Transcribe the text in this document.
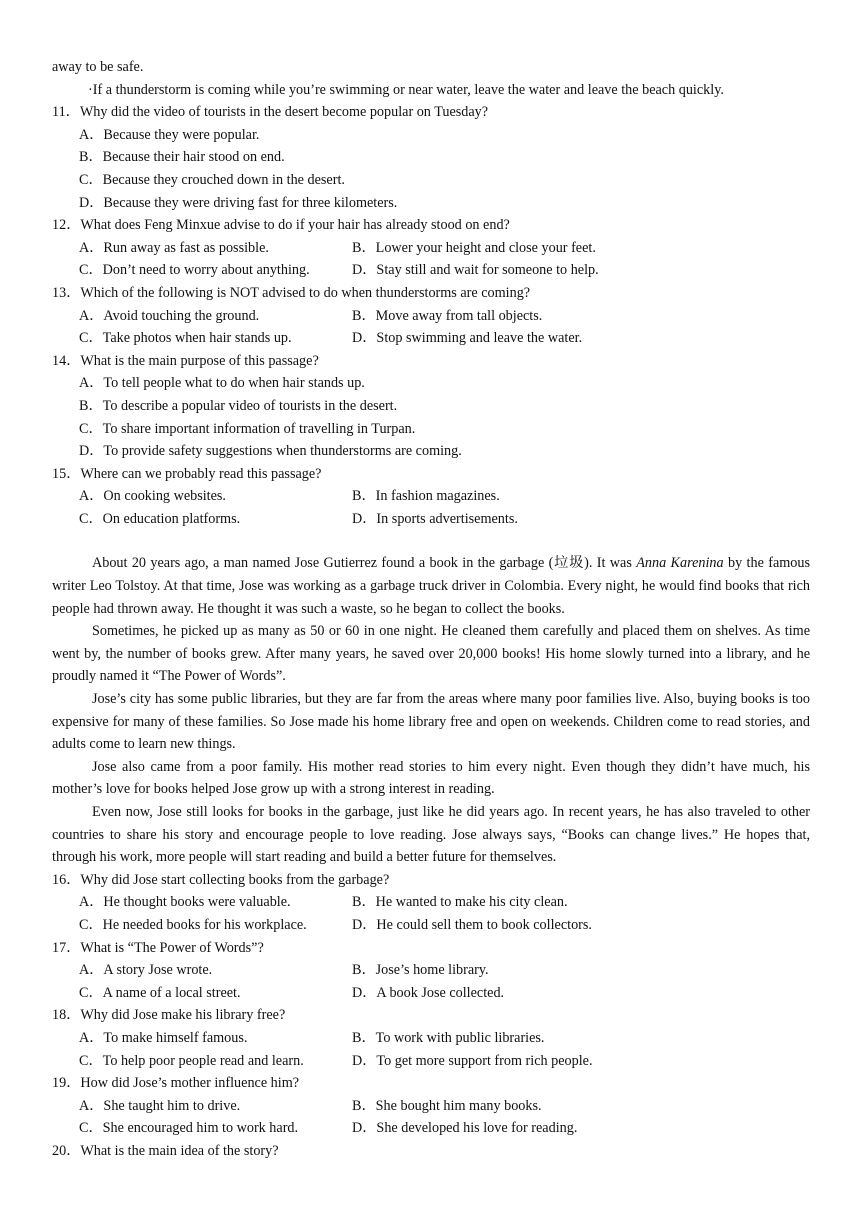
away to be safe.
·If a thunderstorm is coming while you’re swimming or near water, leave the water and leave the beach quickly.
11．Why did the video of tourists in the desert become popular on Tuesday?
A．Because they were popular.
B．Because their hair stood on end.
C．Because they crouched down in the desert.
D．Because they were driving fast for three kilometers.
12．What does Feng Minxue advise to do if your hair has already stood on end?
A．Run away as fast as possible.	B．Lower your height and close your feet.
C．Don’t need to worry about anything.	D．Stay still and wait for someone to help.
13．Which of the following is NOT advised to do when thunderstorms are coming?
A．Avoid touching the ground.	B．Move away from tall objects.
C．Take photos when hair stands up.	D．Stop swimming and leave the water.
14．What is the main purpose of this passage?
A．To tell people what to do when hair stands up.
B．To describe a popular video of tourists in the desert.
C．To share important information of travelling in Turpan.
D．To provide safety suggestions when thunderstorms are coming.
15．Where can we probably read this passage?
A．On cooking websites.	B．In fashion magazines.
C．On education platforms.	D．In sports advertisements.

About 20 years ago, a man named Jose Gutierrez found a book in the garbage (垃圾). It was Anna Karenina by the famous writer Leo Tolstoy. At that time, Jose was working as a garbage truck driver in Colombia. Every night, he would find books that rich people had thrown away. He thought it was such a waste, so he began to collect the books.

Sometimes, he picked up as many as 50 or 60 in one night. He cleaned them carefully and placed them on shelves. As time went by, the number of books grew. After many years, he saved over 20,000 books! His home slowly turned into a library, and he proudly named it “The Power of Words”.

Jose’s city has some public libraries, but they are far from the areas where many poor families live. Also, buying books is too expensive for many of these families. So Jose made his home library free and open on weekends. Children come to read stories, and adults come to learn new things.

Jose also came from a poor family. His mother read stories to him every night. Even though they didn’t have much, his mother’s love for books helped Jose grow up with a strong interest in reading.

Even now, Jose still looks for books in the garbage, just like he did years ago. In recent years, he has also traveled to other countries to share his story and encourage people to love reading. Jose always says, “Books can change lives.” He hopes that, through his work, more people will start reading and build a better future for themselves.

16．Why did Jose start collecting books from the garbage?
A．He thought books were valuable.	B．He wanted to make his city clean.
C．He needed books for his workplace.	D．He could sell them to book collectors.
17．What is “The Power of Words”?
A．A story Jose wrote.	B．Jose’s home library.
C．A name of a local street.	D．A book Jose collected.
18．Why did Jose make his library free?
A．To make himself famous.	B．To work with public libraries.
C．To help poor people read and learn.	D．To get more support from rich people.
19．How did Jose’s mother influence him?
A．She taught him to drive.	B．She bought him many books.
C．She encouraged him to work hard.	D．She developed his love for reading.
20．What is the main idea of the story?
